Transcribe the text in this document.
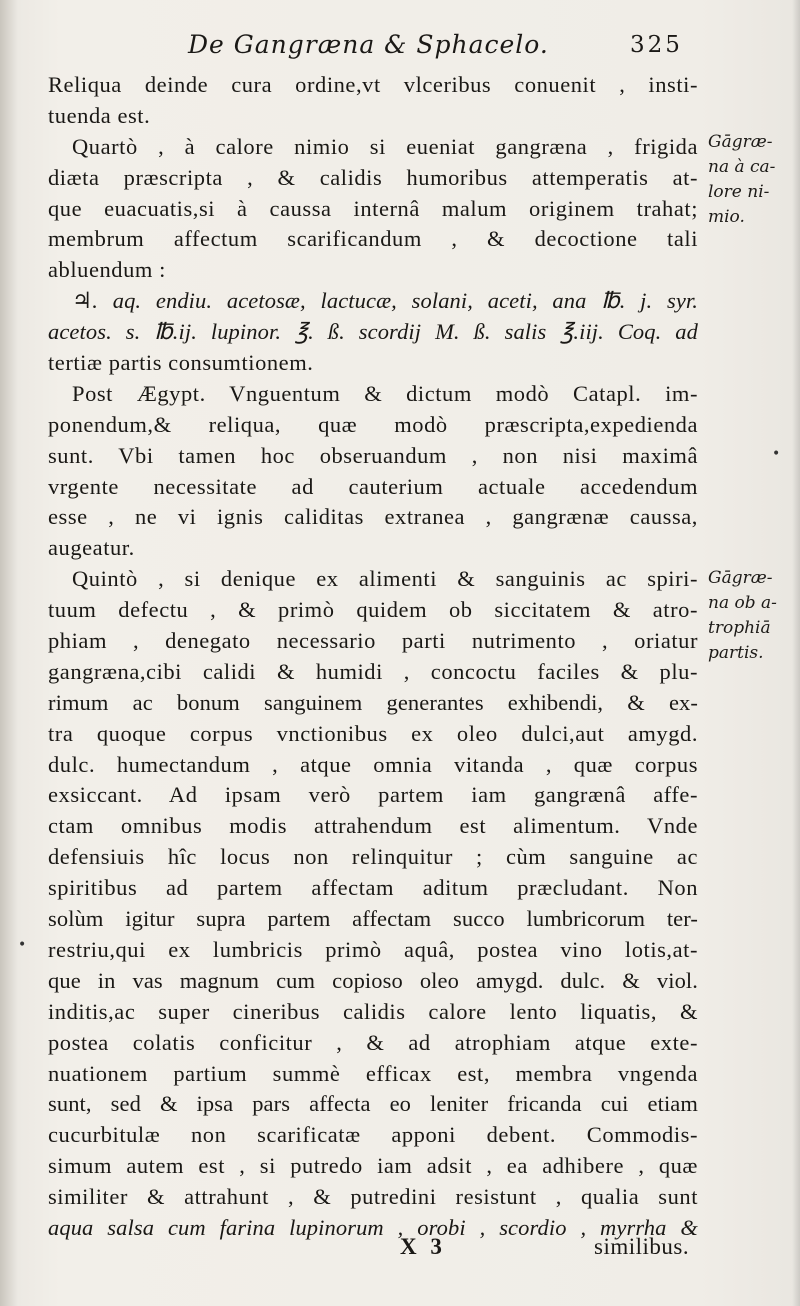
De Gangræna & Sphacelo.	325
Reliqua deinde cura ordine,vt vlceribus conuenit , insti-
tuenda est.
Quartò , à calore nimio si eueniat gangræna , frigida
diæta præscripta , & calidis humoribus attemperatis at-
que euacuatis,si à caussa internâ malum originem trahat;
membrum affectum scarificandum , & decoctione tali
abluendum :
♃. aq. endiu. acetosæ, lactucæ, solani, aceti, ana ℔. j. syr.
acetos. s. ℔.ij. lupinor. ℥. ß. scordij M. ß. salis ℥.iij. Coq. ad
tertiæ partis consumtionem.
Post Ægypt. Vnguentum & dictum modò Catapl. im-
ponendum,& reliqua, quæ modò præscripta,expedienda
sunt. Vbi tamen hoc obseruandum , non nisi maximâ
vrgente necessitate ad cauterium actuale accedendum
esse , ne vi ignis caliditas extranea , gangrænæ caussa,
augeatur.
Quintò , si denique ex alimenti & sanguinis ac spiri-
tuum defectu , & primò quidem ob siccitatem & atro-
phiam , denegato necessario parti nutrimento , oriatur
gangræna,cibi calidi & humidi , concoctu faciles & plu-
rimum ac bonum sanguinem generantes exhibendi, & ex-
tra quoque corpus vnctionibus ex oleo dulci,aut amygd.
dulc. humectandum , atque omnia vitanda , quæ corpus
exsiccant. Ad ipsam verò partem iam gangrænâ affe-
ctam omnibus modis attrahendum est alimentum. Vnde
defensiuis hîc locus non relinquitur ; cùm sanguine ac
spiritibus ad partem affectam aditum præcludant. Non
solùm igitur supra partem affectam succo lumbricorum ter-
restriu,qui ex lumbricis primò aquâ, postea vino lotis,at-
que in vas magnum cum copioso oleo amygd. dulc. & viol.
inditis,ac super cineribus calidis calore lento liquatis, &
postea colatis conficitur , & ad atrophiam atque exte-
nuationem partium summè efficax est, membra vngenda
sunt, sed & ipsa pars affecta eo leniter fricanda cui etiam
cucurbitulæ non scarificatæ apponi debent. Commodis-
simum autem est , si putredo iam adsit , ea adhibere , quæ
similiter & attrahunt , & putredini resistunt , qualia sunt
aqua salsa cum farina lupinorum , orobi , scordio , myrrha &
Gāgræ-
na à ca-
lore ni-
mio.
Gāgræ-
na ob a-
trophiā
partis.
•
•
X 3	similibus.
